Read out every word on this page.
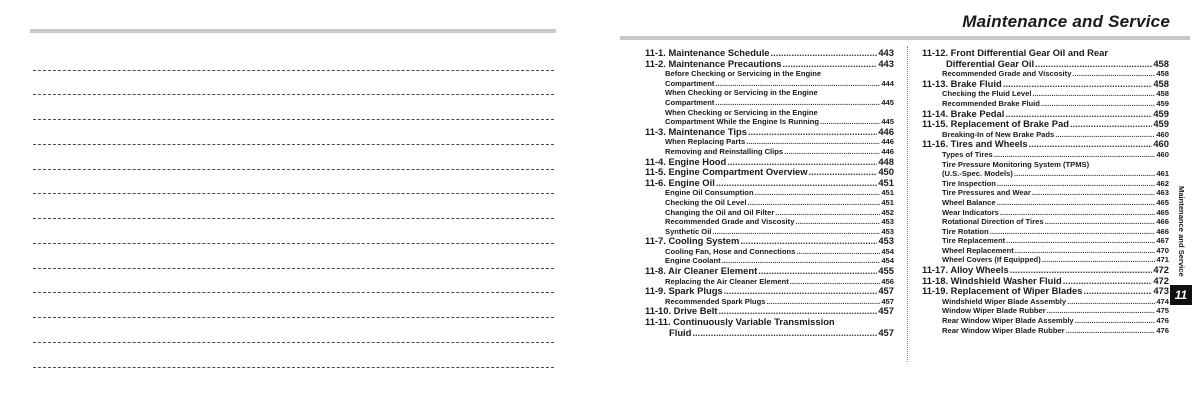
Maintenance and Service
11-1. Maintenance Schedule .....	443
11-2. Maintenance Precautions .....	443
Before Checking or Servicing in the Engine
Compartment .....	444
When Checking or Servicing in the Engine
Compartment .....	445
When Checking or Servicing in the Engine
Compartment While the Engine Is Running .....	445
11-3. Maintenance Tips .....	446
When Replacing Parts .....	446
Removing and Reinstalling Clips .....	446
11-4. Engine Hood .....	448
11-5. Engine Compartment Overview .....	450
11-6. Engine Oil .....	451
Engine Oil Consumption .....	451
Checking the Oil Level .....	451
Changing the Oil and Oil Filter .....	452
Recommended Grade and Viscosity .....	453
Synthetic Oil .....	453
11-7. Cooling System .....	453
Cooling Fan, Hose and Connections .....	454
Engine Coolant .....	454
11-8. Air Cleaner Element .....	455
Replacing the Air Cleaner Element .....	456
11-9. Spark Plugs .....	457
Recommended Spark Plugs .....	457
11-10. Drive Belt .....	457
11-11. Continuously Variable Transmission
Fluid .....	457
11-12. Front Differential Gear Oil and Rear
Differential Gear Oil .....	458
Recommended Grade and Viscosity .....	458
11-13. Brake Fluid .....	458
Checking the Fluid Level .....	458
Recommended Brake Fluid .....	459
11-14. Brake Pedal .....	459
11-15. Replacement of Brake Pad .....	459
Breaking-In of New Brake Pads .....	460
11-16. Tires and Wheels .....	460
Types of Tires .....	460
Tire Pressure Monitoring System (TPMS)
(U.S.-Spec. Models) .....	461
Tire Inspection .....	462
Tire Pressures and Wear .....	463
Wheel Balance .....	465
Wear Indicators .....	465
Rotational Direction of Tires .....	466
Tire Rotation .....	466
Tire Replacement .....	467
Wheel Replacement .....	470
Wheel Covers (If Equipped) .....	471
11-17. Alloy Wheels .....	472
11-18. Windshield Washer Fluid .....	472
11-19. Replacement of Wiper Blades .....	473
Windshield Wiper Blade Assembly .....	474
Window Wiper Blade Rubber .....	475
Rear Window Wiper Blade Assembly .....	476
Rear Window Wiper Blade Rubber .....	476
Maintenance and Service
11
